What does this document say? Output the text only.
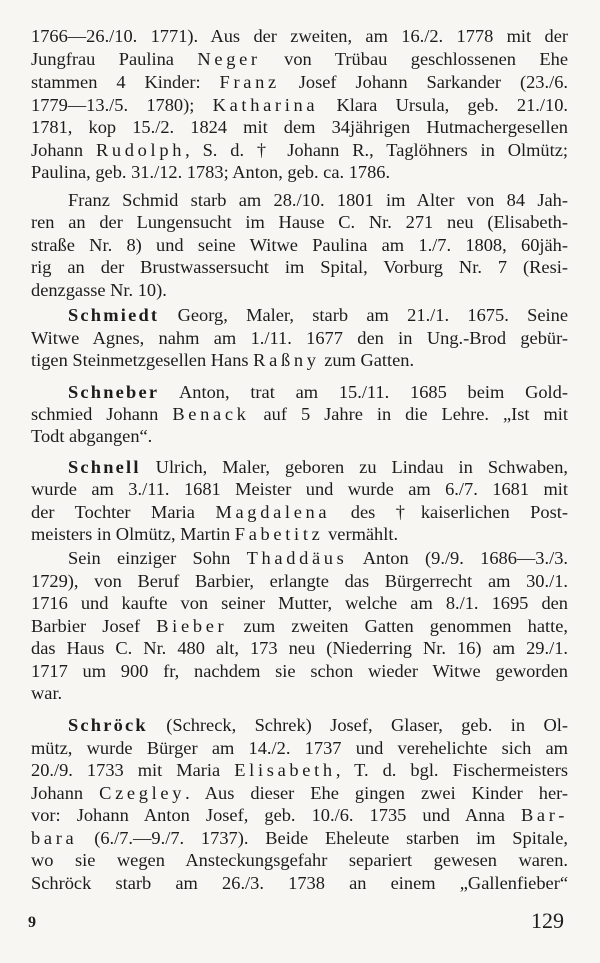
1766—26./10. 1771). Aus der zweiten, am 16./2. 1778 mit der
Jungfrau Paulina Neger von Trübau geschlossenen Ehe
stammen 4 Kinder: Franz Josef Johann Sarkander (23./6.
1779—13./5. 1780); Katharina Klara Ursula, geb. 21./10.
1781, kop 15./2. 1824 mit dem 34jährigen Hutmachergesellen
Johann Rudolph, S. d. † Johann R., Taglöhners in Olmütz;
Paulina, geb. 31./12. 1783; Anton, geb. ca. 1786.
Franz Schmid starb am 28./10. 1801 im Alter von 84 Jah-
ren an der Lungensucht im Hause C. Nr. 271 neu (Elisabeth-
straße Nr. 8) und seine Witwe Paulina am 1./7. 1808, 60jäh-
rig an der Brustwassersucht im Spital, Vorburg Nr. 7 (Resi-
denzgasse Nr. 10).
Schmiedt Georg, Maler, starb am 21./1. 1675. Seine
Witwe Agnes, nahm am 1./11. 1677 den in Ung.-Brod gebür-
tigen Steinmetzgesellen Hans Raßny zum Gatten.
Schneber Anton, trat am 15./11. 1685 beim Gold-
schmied Johann Benack auf 5 Jahre in die Lehre. „Ist mit
Todt abgangen“.
Schnell Ulrich, Maler, geboren zu Lindau in Schwaben,
wurde am 3./11. 1681 Meister und wurde am 6./7. 1681 mit
der Tochter Maria Magdalena des †kaiserlichen Post-
meisters in Olmütz, Martin Fabetitz vermählt.
Sein einziger Sohn Thaddäus Anton (9./9. 1686—3./3.
1729), von Beruf Barbier, erlangte das Bürgerrecht am 30./1.
1716 und kaufte von seiner Mutter, welche am 8./1. 1695 den
Barbier Josef Bieber zum zweiten Gatten genommen hatte,
das Haus C. Nr. 480 alt, 173 neu (Niederring Nr. 16) am 29./1.
1717 um 900 fr, nachdem sie schon wieder Witwe geworden
war.
Schröck (Schreck, Schrek) Josef, Glaser, geb. in Ol-
mütz, wurde Bürger am 14./2. 1737 und verehelichte sich am
20./9. 1733 mit Maria Elisabeth, T. d. bgl. Fischermeisters
Johann Czegley. Aus dieser Ehe gingen zwei Kinder her-
vor: Johann Anton Josef, geb. 10./6. 1735 und Anna Bar-
bara (6./7.—9./7. 1737). Beide Eheleute starben im Spitale,
wo sie wegen Ansteckungsgefahr separiert gewesen waren.
Schröck starb am 26./3. 1738 an einem „Gallenfieber“
9	129
